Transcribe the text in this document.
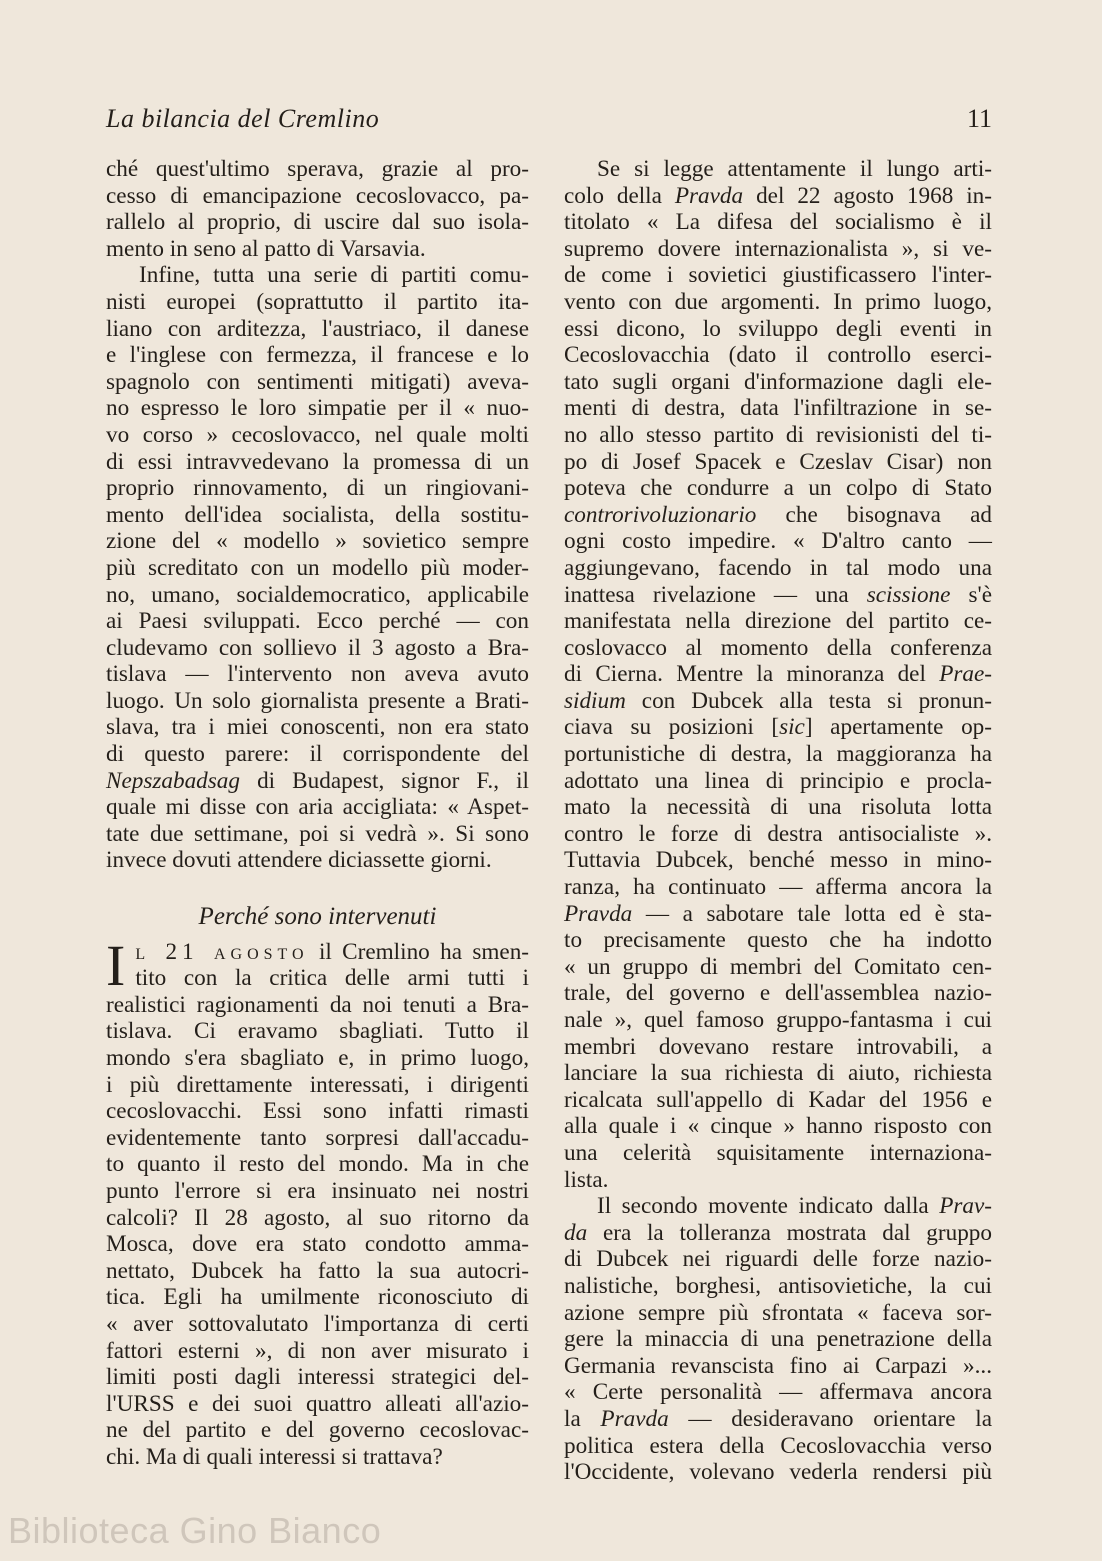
La bilancia del Cremlino	11

ché quest'ultimo sperava, grazie al pro-
cesso di emancipazione cecoslovacco, pa-
rallelo al proprio, di uscire dal suo isola-
mento in seno al patto di Varsavia.

Infine, tutta una serie di partiti comu-
nisti europei (soprattutto il partito ita-
liano con arditezza, l'austriaco, il danese
e l'inglese con fermezza, il francese e lo
spagnolo con sentimenti mitigati) aveva-
no espresso le loro simpatie per il « nuo-
vo corso » cecoslovacco, nel quale molti
di essi intravvedevano la promessa di un
proprio rinnovamento, di un ringiovani-
mento dell'idea socialista, della sostitu-
zione del « modello » sovietico sempre
più screditato con un modello più moder-
no, umano, socialdemocratico, applicabile
ai Paesi sviluppati. Ecco perché — con
cludevamo con sollievo il 3 agosto a Bra-
tislava — l'intervento non aveva avuto
luogo. Un solo giornalista presente a Brati-
slava, tra i miei conoscenti, non era stato
di questo parere: il corrispondente del
Nepszabadsag di Budapest, signor F., il
quale mi disse con aria accigliata: « Aspet-
tate due settimane, poi si vedrà ». Si sono
invece dovuti attendere diciassette giorni.

Perché sono intervenuti

I l 21 agosto il Cremlino ha smen-
tito con la critica delle armi tutti i
realistici ragionamenti da noi tenuti a Bra-
tislava. Ci eravamo sbagliati. Tutto il
mondo s'era sbagliato e, in primo luogo,
i più direttamente interessati, i dirigenti
cecoslovacchi. Essi sono infatti rimasti
evidentemente tanto sorpresi dall'accadu-
to quanto il resto del mondo. Ma in che
punto l'errore si era insinuato nei nostri
calcoli? Il 28 agosto, al suo ritorno da
Mosca, dove era stato condotto amma-
nettato, Dubcek ha fatto la sua autocri-
tica. Egli ha umilmente riconosciuto di
« aver sottovalutato l'importanza di certi
fattori esterni », di non aver misurato i
limiti posti dagli interessi strategici del-
l'URSS e dei suoi quattro alleati all'azio-
ne del partito e del governo cecoslovac-
chi. Ma di quali interessi si trattava?

Se si legge attentamente il lungo arti-
colo della Pravda del 22 agosto 1968 in-
titolato « La difesa del socialismo è il
supremo dovere internazionalista », si ve-
de come i sovietici giustificassero l'inter-
vento con due argomenti. In primo luogo,
essi dicono, lo sviluppo degli eventi in
Cecoslovacchia (dato il controllo eserci-
tato sugli organi d'informazione dagli ele-
menti di destra, data l'infiltrazione in se-
no allo stesso partito di revisionisti del ti-
po di Josef Spacek e Czeslav Cisar) non
poteva che condurre a un colpo di Stato
controrivoluzionario che bisognava ad
ogni costo impedire. « D'altro canto —
aggiungevano, facendo in tal modo una
inattesa rivelazione — una scissione s'è
manifestata nella direzione del partito ce-
coslovacco al momento della conferenza
di Cierna. Mentre la minoranza del Prae-
sidium con Dubcek alla testa si pronun-
ciava su posizioni [sic] apertamente op-
portunistiche di destra, la maggioranza ha
adottato una linea di principio e procla-
mato la necessità di una risoluta lotta
contro le forze di destra antisocialiste ».
Tuttavia Dubcek, benché messo in mino-
ranza, ha continuato — afferma ancora la
Pravda — a sabotare tale lotta ed è sta-
to precisamente questo che ha indotto
« un gruppo di membri del Comitato cen-
trale, del governo e dell'assemblea nazio-
nale », quel famoso gruppo-fantasma i cui
membri dovevano restare introvabili, a
lanciare la sua richiesta di aiuto, richiesta
ricalcata sull'appello di Kadar del 1956 e
alla quale i « cinque » hanno risposto con
una celerità squisitamente internaziona-
lista.

Il secondo movente indicato dalla Prav-
da era la tolleranza mostrata dal gruppo
di Dubcek nei riguardi delle forze nazio-
nalistiche, borghesi, antisovietiche, la cui
azione sempre più sfrontata « faceva sor-
gere la minaccia di una penetrazione della
Germania revanscista fino ai Carpazi »...
« Certe personalità — affermava ancora
la Pravda — desideravano orientare la
politica estera della Cecoslovacchia verso
l'Occidente, volevano vederla rendersi più

Biblioteca Gino Bianco
